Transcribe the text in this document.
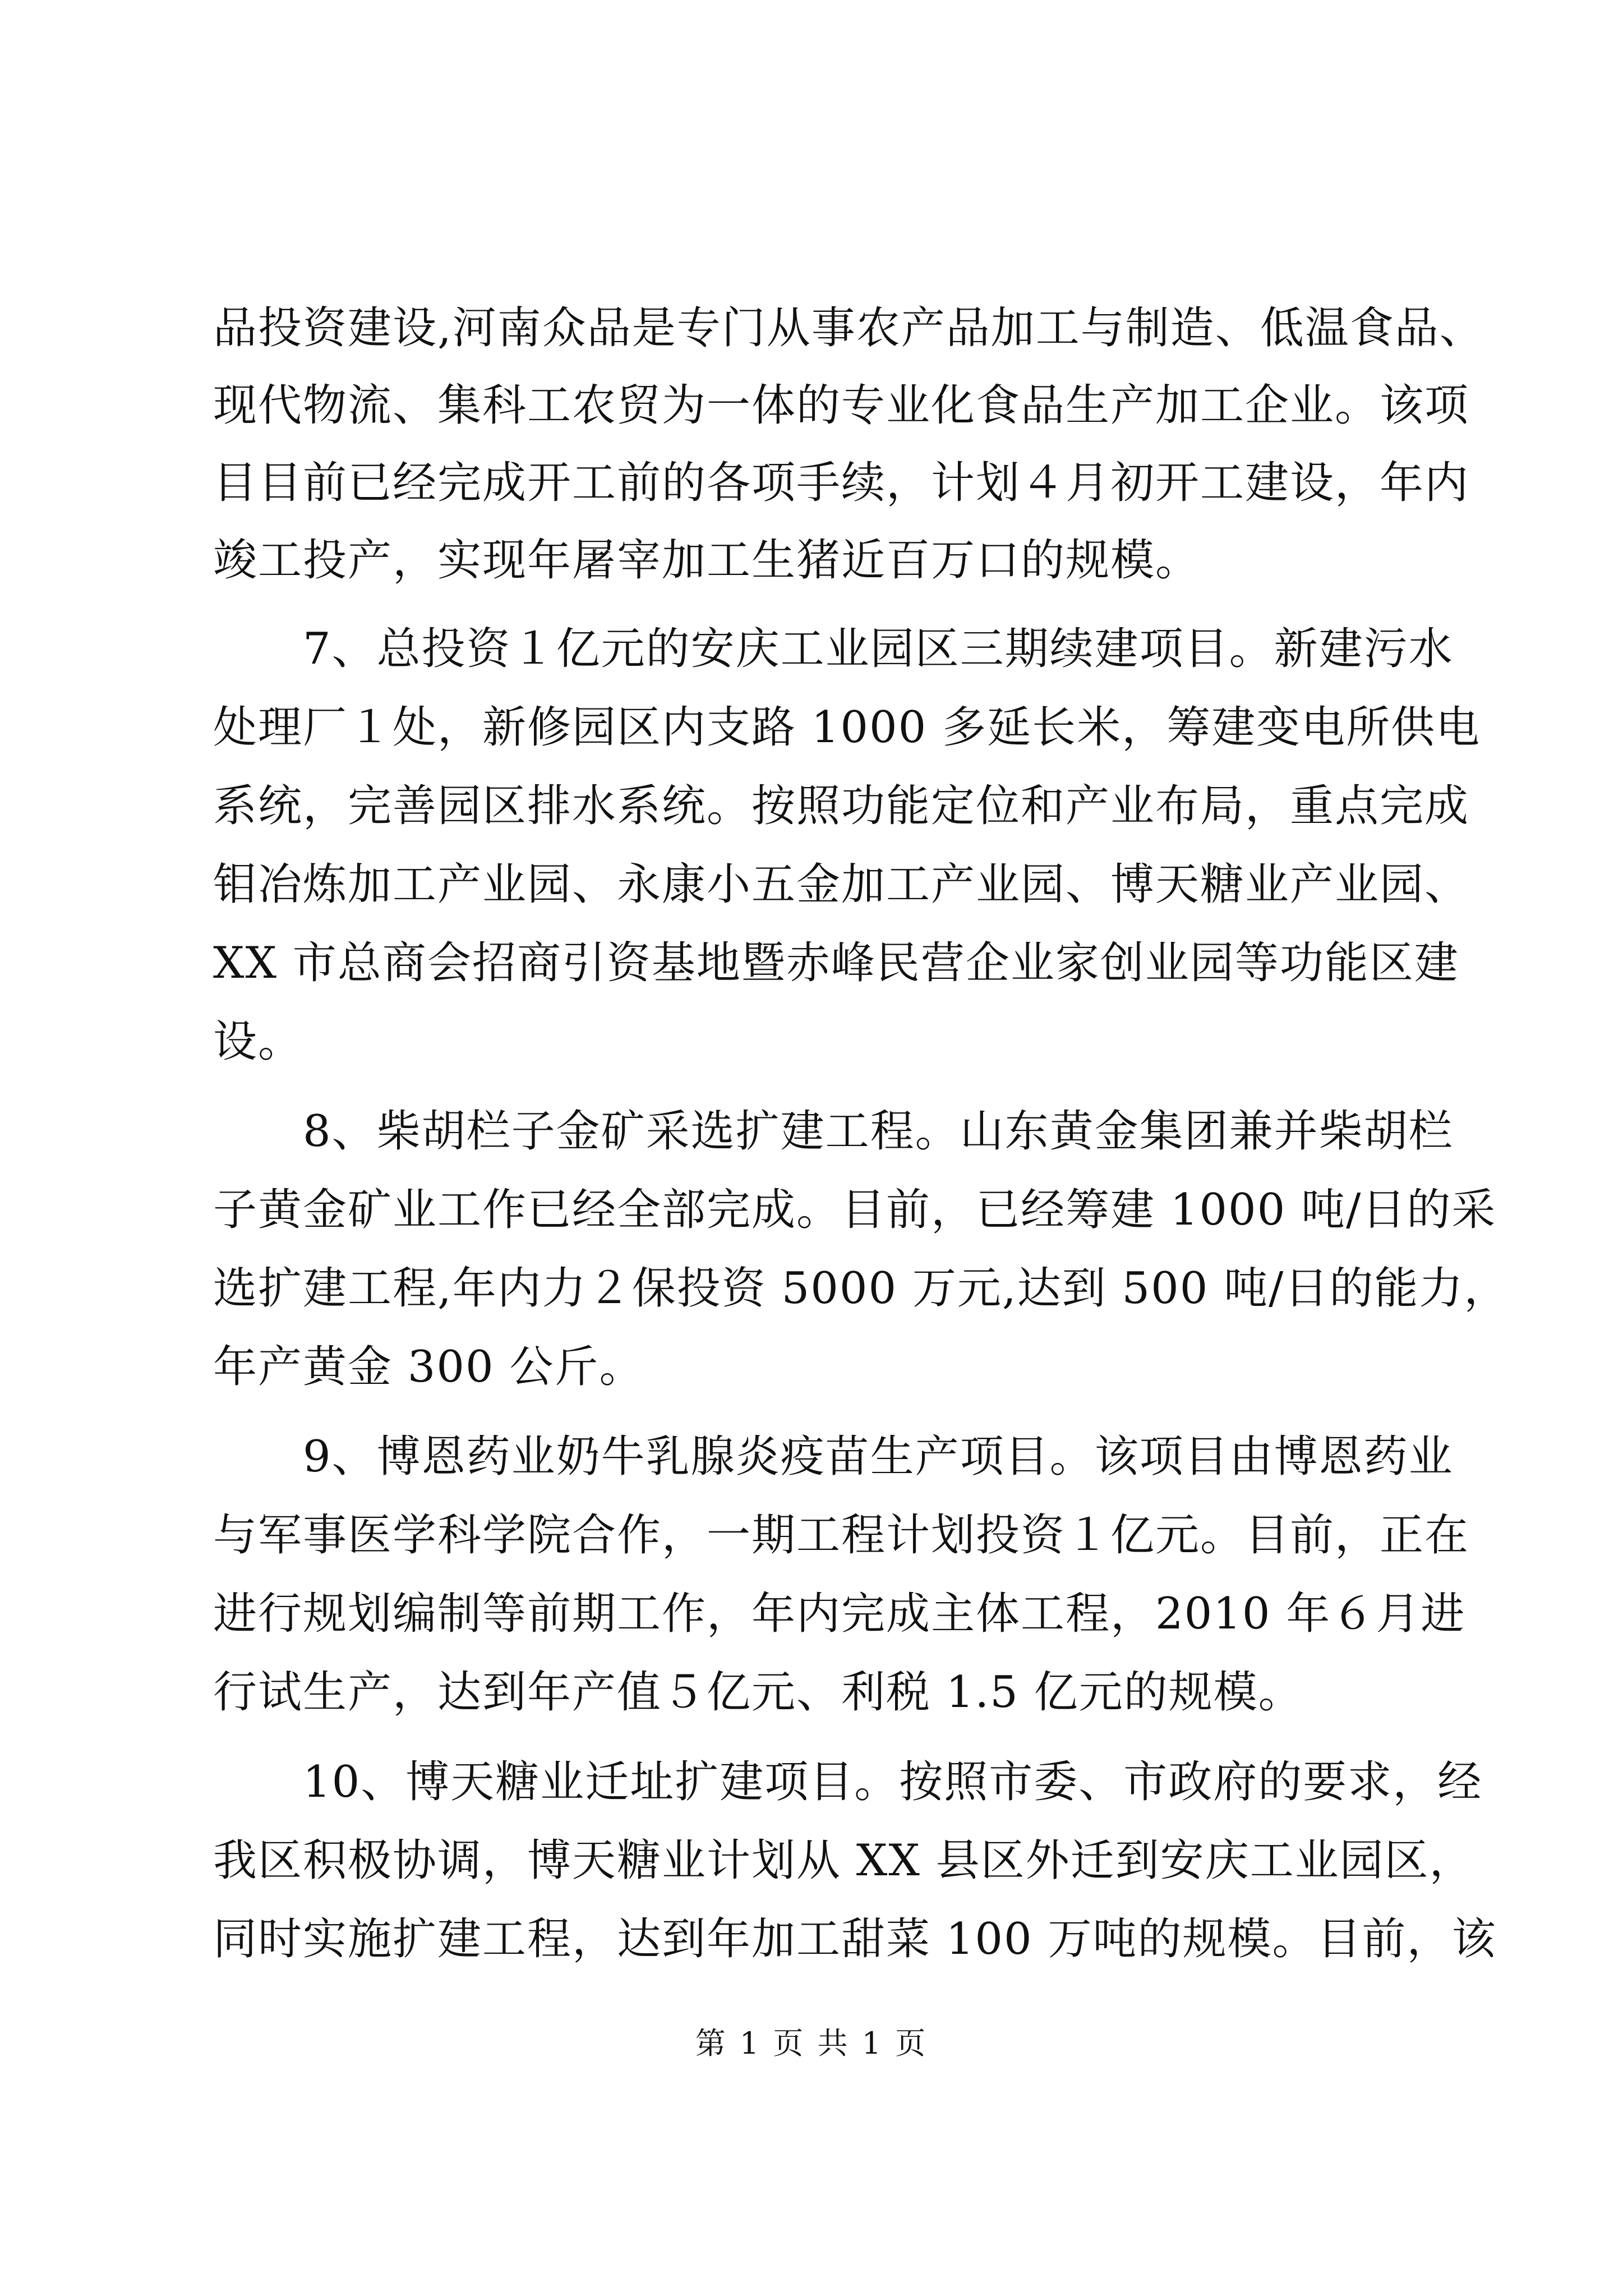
品投资建设,河南众品是专门从事农产品加工与制造、低温食品、
现代物流、集科工农贸为一体的专业化食品生产加工企业。该项
目目前已经完成开工前的各项手续，计划４月初开工建设，年内
竣工投产，实现年屠宰加工生猪近百万口的规模。
7、总投资１亿元的安庆工业园区三期续建项目。新建污水
处理厂１处，新修园区内支路 1000 多延长米，筹建变电所供电
系统，完善园区排水系统。按照功能定位和产业布局，重点完成
钼冶炼加工产业园、永康小五金加工产业园、博天糖业产业园、
XX 市总商会招商引资基地暨赤峰民营企业家创业园等功能区建
设。
8、柴胡栏子金矿采选扩建工程。山东黄金集团兼并柴胡栏
子黄金矿业工作已经全部完成。目前，已经筹建 1000 吨/日的采
选扩建工程,年内力２保投资 5000 万元,达到 500 吨/日的能力，
年产黄金 300 公斤。
9、博恩药业奶牛乳腺炎疫苗生产项目。该项目由博恩药业
与军事医学科学院合作，一期工程计划投资１亿元。目前，正在
进行规划编制等前期工作，年内完成主体工程，2010 年６月进
行试生产，达到年产值５亿元、利税 1.5 亿元的规模。
10、博天糖业迁址扩建项目。按照市委、市政府的要求，经
我区积极协调，博天糖业计划从 XX 县区外迁到安庆工业园区，
同时实施扩建工程，达到年加工甜菜 100 万吨的规模。目前，该
第 1 页 共 1 页
